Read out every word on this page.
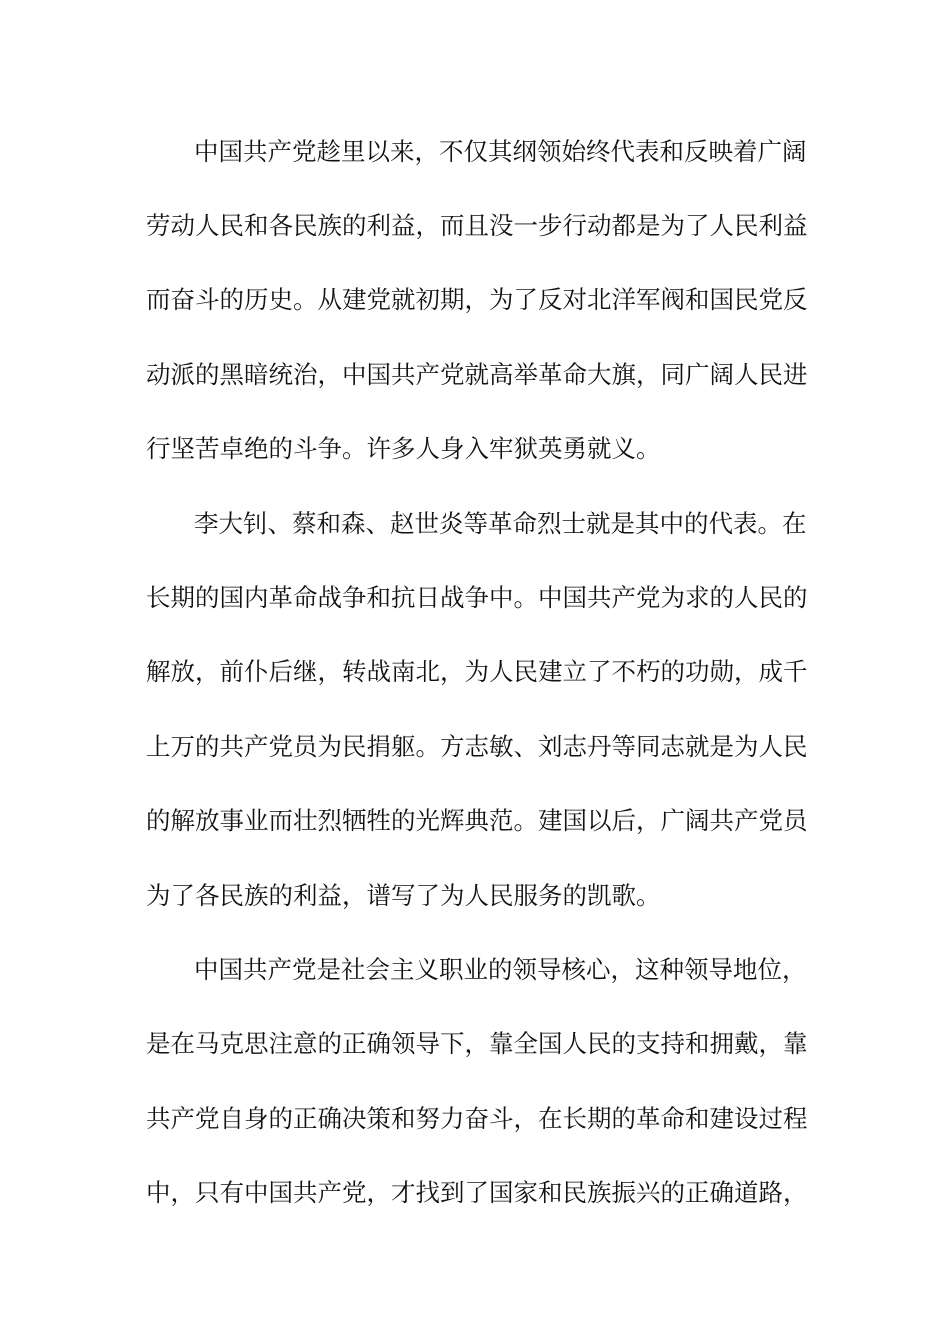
中国共产党趁里以来，不仅其纲领始终代表和反映着广阔
劳动人民和各民族的利益，而且没一步行动都是为了人民利益
而奋斗的历史。从建党就初期，为了反对北洋军阀和国民党反
动派的黑暗统治，中国共产党就高举革命大旗，同广阔人民进
行坚苦卓绝的斗争。许多人身入牢狱英勇就义。
李大钊、蔡和森、赵世炎等革命烈士就是其中的代表。在
长期的国内革命战争和抗日战争中。中国共产党为求的人民的
解放，前仆后继，转战南北，为人民建立了不朽的功勋，成千
上万的共产党员为民捐躯。方志敏、刘志丹等同志就是为人民
的解放事业而壮烈牺牲的光辉典范。建国以后，广阔共产党员
为了各民族的利益，谱写了为人民服务的凯歌。
中国共产党是社会主义职业的领导核心，这种领导地位，
是在马克思注意的正确领导下，靠全国人民的支持和拥戴，靠
共产党自身的正确决策和努力奋斗，在长期的革命和建设过程
中，只有中国共产党，才找到了国家和民族振兴的正确道路，
